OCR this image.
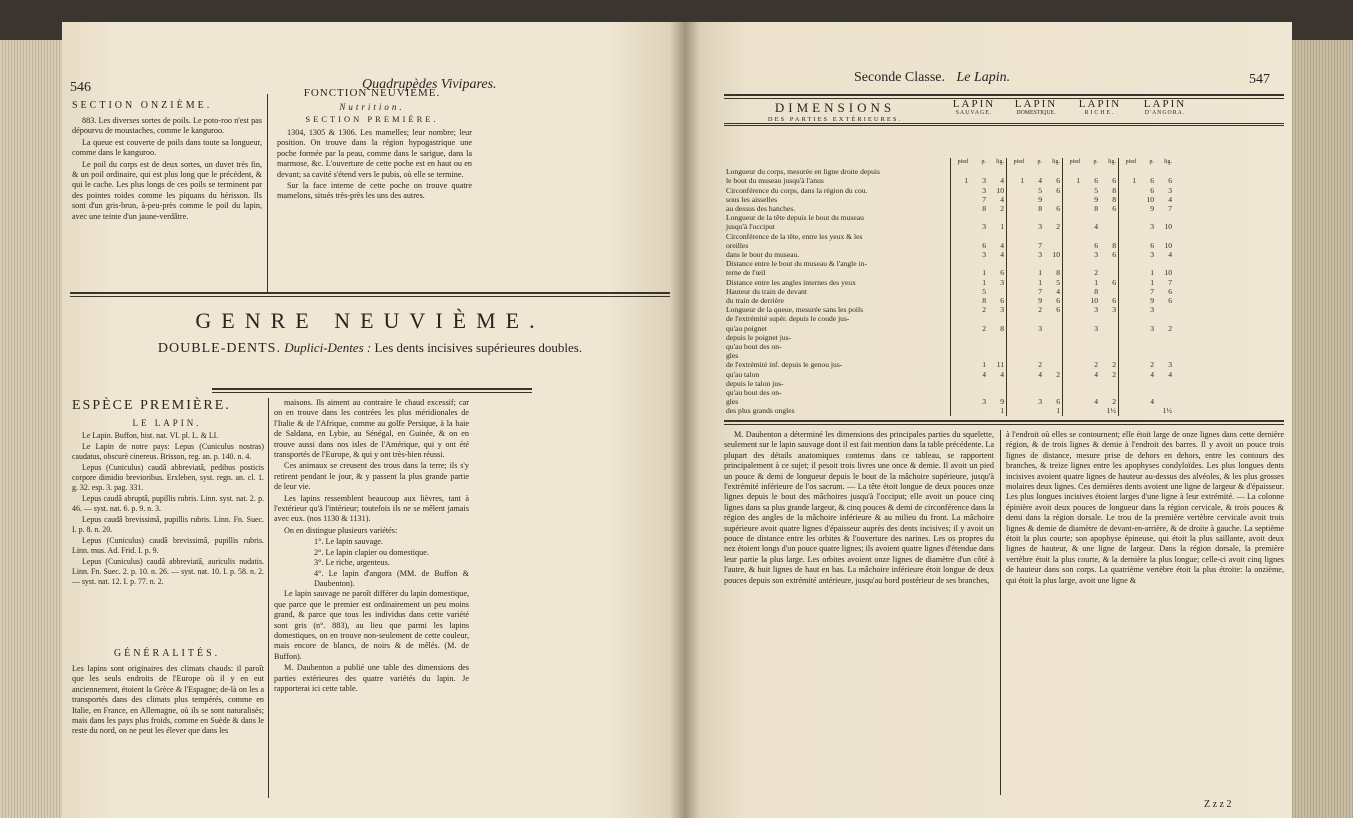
546	Quadrupèdes Vivipares.
SECTION ONZIÈME.

883. Les diverses sortes de poils. Le poto-roo n'est pas dépourvu de moustaches, comme le kanguroo.

La queue est couverte de poils dans toute sa longueur, comme dans le kanguroo.

Le poil du corps est de deux sortes, un duvet très fin, & un poil ordinaire, qui est plus long que le précédent, & qui le cache. Les plus longs de ces poils se terminent par des pointes roides comme les piquans du hérisson. Ils sont d'un gris-brun, à-peu-près comme le poil du lapin, avec une teinte d'un jaune-verdâtre.

FONCTION NEUVIÈME.
Nutrition.
SECTION PREMIÈRE.

1304, 1305 & 1306. Les mamelles; leur nombre; leur position. On trouve dans la région hypogastrique une poche formée par la peau, comme dans le sarigue, dans la marmose, &c. L'ouverture de cette poche est en haut ou en devant; sa cavité s'étend vers le pubis, où elle se termine.

Sur la face interne de cette poche on trouve quatre mamelons, situés très-près les uns des autres.

GENRE NEUVIÈME.
DOUBLE-DENTS. Duplici-Dentes : Les dents incisives supérieures doubles.
ESPÈCE PREMIÈRE.
LE LAPIN.

Le Lapin. Buffon, hist. nat. VI. pl. L. & LI.

Le Lapin de notre pays: Lepus (Cuniculus nostras) caudatus, obscurè cinereus. Brisson, reg. an. p. 140. n. 4.

Lepus (Cuniculus) caudâ abbreviatâ, pedibus posticis corpore dimidio brevioribus. Erxleben, syst. regn. an. cl. 1. g. 32. esp. 3. pag. 331.

Lepus caudâ abruptâ, pupillis rubris. Linn. syst. nat. 2. p. 46. — syst. nat. 6. p. 9. n. 3.

Lepus caudâ brevissimâ, pupillis rubris. Linn. Fn. Suec. I. p. 8. n. 20.

Lepus (Cuniculus) caudâ brevissimâ, pupillis rubris. Linn. mus. Ad. Frid. I. p. 9.

Lepus (Cuniculus) caudâ abbreviatâ, auriculis nudatis. Linn. Fn. Suec. 2. p. 10. n. 26. — syst. nat. 10. I. p. 58. n. 2. — syst. nat. 12. I. p. 77. n. 2.

GÉNÉRALITÉS.
Les lapins sont originaires des climats chauds: il paroît que les seuls endroits de l'Europe où il y en eut anciennement, étoient la Grèce & l'Espagne; de-là on les a transportés dans des climats plus tempérés, comme en Italie, en France, en Allemagne, où ils se sont naturalisés; mais dans les pays plus froids, comme en Suède & dans le reste du nord, on ne peut les élever que dans les

maisons. Ils aiment au contraire le chaud excessif; car on en trouve dans les contrées les plus méridionales de l'Italie & de l'Afrique, comme au golfe Persique, à la baie de Saldana, en Lybie, au Sénégal, en Guinée, & on en trouve aussi dans nos isles de l'Amérique, qui y ont été transportés de l'Europe, & qui y ont très-bien réussi.

Ces animaux se creusent des trous dans la terre; ils s'y retirent pendant le jour, & y passent la plus grande partie de leur vie.

Les lapins ressemblent beaucoup aux lièvres, tant à l'extérieur qu'à l'intérieur; toutefois ils ne se mêlent jamais avec eux. (nos 1130 & 1131).

On en distingue plusieurs variétés:

1°. Le lapin sauvage.
2°. Le lapin clapier ou domestique.
3°. Le riche, argenteus.
4°. Le lapin d'angora (MM. de Buffon & Daubenton).

Le lapin sauvage ne paroît différer du lapin domestique, que parce que le premier est ordinairement un peu moins grand, & parce que tous les individus dans cette variété sont gris (n°. 883), au lieu que parmi les lapins domestiques, on en trouve non-seulement de cette couleur, mais encore de blancs, de noirs & de mêlés. (M. de Buffon).

M. Daubenton a publié une table des dimensions des parties extérieures des quatre variétés du lapin. Je rapporterai ici cette table.

Seconde Classe. Le Lapin.	547
DIMENSIONS
DES PARTIES EXTÉRIEURES.
LAPIN
SAUVAGE.
LAPIN
DOMESTIQUE.
LAPIN
RICHE.
LAPIN
D'ANGORA.
		pied	p.	lig.		pied	p.	lig.		pied	p.	lig.		pied	p.	lig.
Longueur du corps, mesurée en ligne droite depuis																
le bout du museau jusqu'à l'anus		1	3	4		1	4	6		1	6	6		1	6	6
Circonférence du corps, dans la région du cou.			3	10			5	6			5	8			6	3
sous les aisselles			7	4			9				9	8			10	4
au dessus des hanches.			8	2			8	6			8	6			9	7
Longueur de la tête depuis le bout du museau																
jusqu'à l'occiput			3	1			3	2			4				3	10
Circonférence de la tête, entre les yeux & les																
oreilles			6	4			7				6	8			6	10
dans le bout du museau.			3	4			3	10			3	6			3	4
Distance entre le bout du museau & l'angle in-																
terne de l'œil			1	6			1	8			2				1	10
Distance entre les angles internes des yeux			1	3			1	5			1	6			1	7
Hauteur du train de devant			5				7	4			8				7	6
du train de derrière			8	6			9	6			10	6			9	6
Longueur de la queue, mesurée sans les poils			2	3			2	6			3	3			3	
de l'extrémité supér. depuis le coude jus-																
qu'au poignet			2	8			3				3				3	2
depuis le poignet jus-																
qu'au bout des on-																
gles																
de l'extrémité inf. depuis le genou jus-			1	11			2				2	2			2	3
qu'au talon			4	4			4	2			4	2			4	4
depuis le talon jus-																
qu'au bout des on-																
gles			3	9			3	6			4	2			4	
des plus grands ongles				1				1				1½				1½

M. Daubenton a déterminé les dimensions des principales parties du squelette, seulement sur le lapin sauvage dont il est fait mention dans la table précédente. La plupart des détails anatomiques contenus dans ce tableau, se rapportent principalement à ce sujet; il pesoit trois livres une once & demie. Il avoit un pied un pouce & demi de longueur depuis le bout de la mâchoire supérieure, jusqu'à l'extrémité inférieure de l'os sacrum. — La tête étoit longue de deux pouces onze lignes depuis le bout des mâchoires jusqu'à l'occiput; elle avoit un pouce cinq lignes dans sa plus grande largeur, & cinq pouces & demi de circonférence dans la région des angles de la mâchoire inférieure & au milieu du front. La mâchoire supérieure avoit quatre lignes d'épaisseur auprès des dents incisives; il y avoit un pouce de distance entre les orbites & l'ouverture des narines. Les os propres du nez étoient longs d'un pouce quatre lignes; ils avoient quatre lignes d'étendue dans leur partie la plus large. Les orbites avoient onze lignes de diamètre d'un côté à l'autre, & huit lignes de haut en bas. La mâchoire inférieure étoit longue de deux pouces depuis son extrémité antérieure, jusqu'au bord postérieur de ses branches,

à l'endroit où elles se contournent; elle étoit large de onze lignes dans cette dernière région, & de trois lignes & demie à l'endroit des barres. Il y avoit un pouce trois lignes de distance, mesure prise de dehors en dehors, entre les contours des branches, & treize lignes entre les apophyses condyloïdes. Les plus longues dents incisives avoient quatre lignes de hauteur au-dessus des alvéoles, & les plus grosses molaires deux lignes. Ces dernières dents avoient une ligne de largeur & d'épaisseur. Les plus longues incisives étoient larges d'une ligne à leur extrémité. — La colonne épinière avoit deux pouces de longueur dans la région cervicale, & trois pouces & demi dans la région dorsale. Le trou de la première vertèbre cervicale avoit trois lignes & demie de diamètre de devant-en-arrière, & de droite à gauche. La septième étoit la plus courte; son apophyse épineuse, qui étoit la plus saillante, avoit deux lignes de hauteur, & une ligne de largeur. Dans la région dorsale, la première vertèbre étoit la plus courte, & la dernière la plus longue; celle-ci avoit cinq lignes de hauteur dans son corps. La quatrième vertèbre étoit la plus étroite: la onzième, qui étoit la plus large, avoit une ligne &
Z z z 2
